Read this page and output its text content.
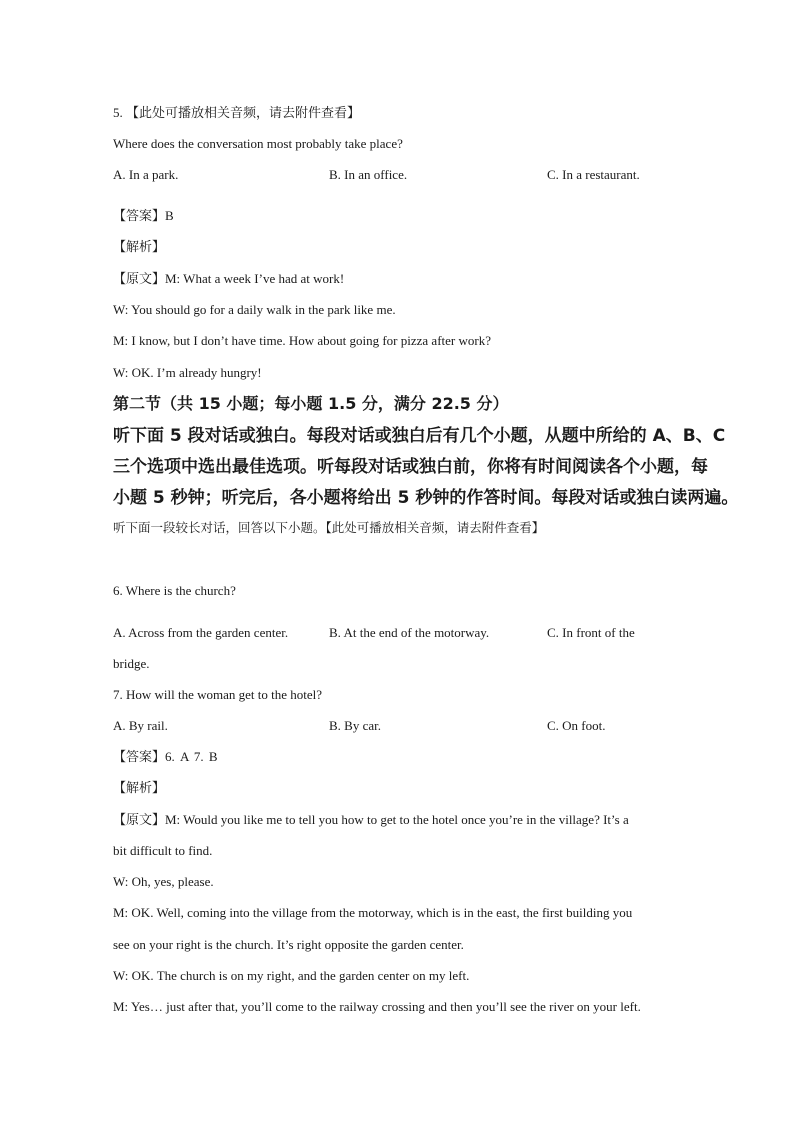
5. 【此处可播放相关音频，请去附件查看】
Where does the conversation most probably take place?
A. In a park.	B. In an office.	C. In a restaurant.
【答案】B
【解析】
【原文】M: What a week I’ve had at work!
W: You should go for a daily walk in the park like me.
M: I know, but I don’t have time. How about going for pizza after work?
W: OK. I’m already hungry!
第二节（共 15 小题；每小题 1.5 分，满分 22.5 分）
听下面 5 段对话或独白。每段对话或独白后有几个小题，从题中所给的 A、B、C
三个选项中选出最佳选项。听每段对话或独白前，你将有时间阅读各个小题，每
小题 5 秒钟；听完后，各小题将给出 5 秒钟的作答时间。每段对话或独白读两遍。
听下面一段较长对话，回答以下小题。【此处可播放相关音频，请去附件查看】
6. Where is the church?
A. Across from the garden center.	B. At the end of the motorway.	C. In front of the
bridge.
7. How will the woman get to the hotel?
A. By rail.	B. By car.	C. On foot.
【答案】6. A 7. B
【解析】
【原文】M: Would you like me to tell you how to get to the hotel once you’re in the village? It’s a
bit difficult to find.
W: Oh, yes, please.
M: OK. Well, coming into the village from the motorway, which is in the east, the first building you
see on your right is the church. It’s right opposite the garden center.
W: OK. The church is on my right, and the garden center on my left.
M: Yes… just after that, you’ll come to the railway crossing and then you’ll see the river on your left.
